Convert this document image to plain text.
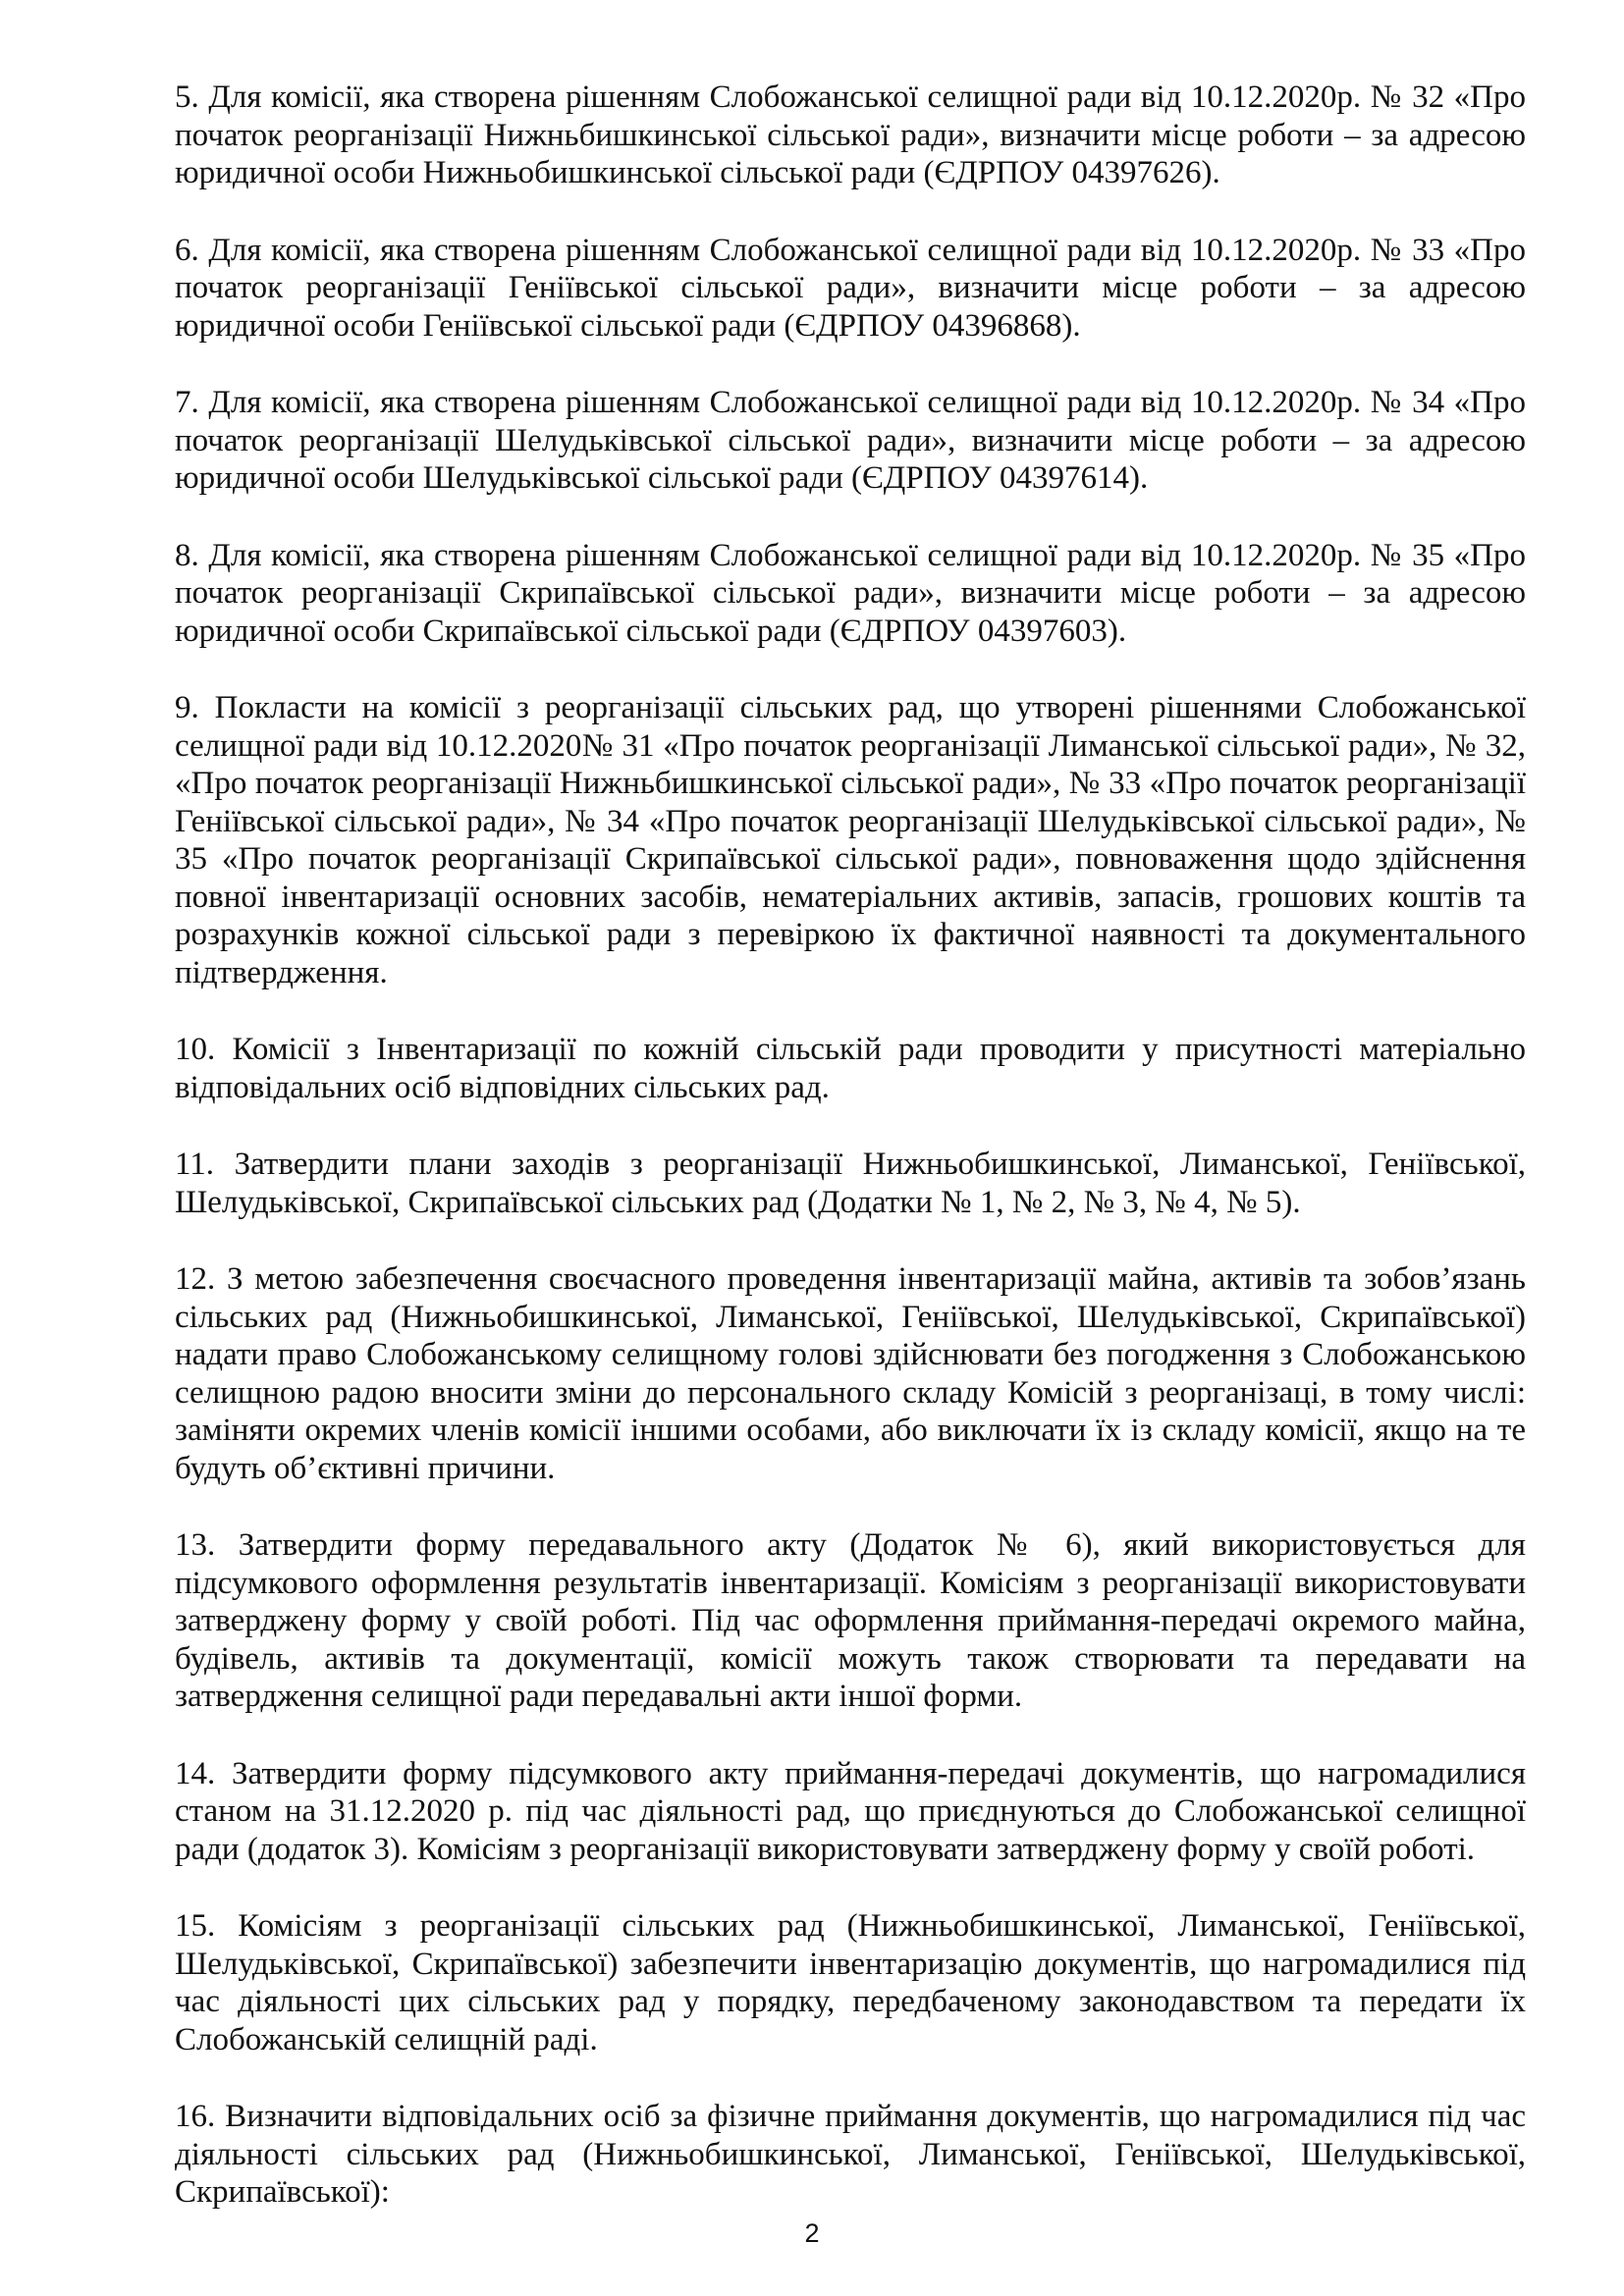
5. Для комісії, яка створена рішенням Слобожанської селищної ради від 10.12.2020р. № 32 «Про початок реорганізації Нижньбишкинської сільської ради», визначити місце роботи – за адресою юридичної особи Нижньобишкинської сільської ради (ЄДРПОУ 04397626).

6. Для комісії, яка створена рішенням Слобожанської селищної ради від 10.12.2020р. № 33 «Про початок реорганізації Геніївської сільської ради», визначити місце роботи – за адресою юридичної особи Геніївської сільської ради (ЄДРПОУ 04396868).

7. Для комісії, яка створена рішенням Слобожанської селищної ради від 10.12.2020р. № 34 «Про початок реорганізації Шелудьківської сільської ради», визначити місце роботи – за адресою юридичної особи Шелудьківської сільської ради (ЄДРПОУ 04397614).

8. Для комісії, яка створена рішенням Слобожанської селищної ради від 10.12.2020р. № 35 «Про початок реорганізації Скрипаївської сільської ради», визначити місце роботи – за адресою юридичної особи Скрипаївської сільської ради (ЄДРПОУ 04397603).

9. Покласти на комісії з реорганізації сільських рад, що утворені рішеннями Слобожанської селищної ради від 10.12.2020№ 31 «Про початок реорганізації Лиманської сільської ради», № 32, «Про початок реорганізації Нижньбишкинської сільської ради», № 33 «Про початок реорганізації Геніївської сільської ради», № 34 «Про початок реорганізації Шелудьківської сільської ради», № 35 «Про початок реорганізації Скрипаївської сільської ради», повноваження щодо здійснення повної інвентаризації основних засобів, нематеріальних активів, запасів, грошових коштів та розрахунків кожної сільської ради з перевіркою їх фактичної наявності та документального підтвердження.

10. Комісії з Інвентаризації по кожній сільській ради проводити у присутності матеріально відповідальних осіб відповідних сільських рад.

11. Затвердити плани заходів з реорганізації Нижньобишкинської, Лиманської, Геніївської, Шелудьківської, Скрипаївської сільських рад (Додатки № 1, № 2, № 3, № 4, № 5).

12. З метою забезпечення своєчасного проведення інвентаризації майна, активів та зобов’язань сільських рад (Нижньобишкинської, Лиманської, Геніївської, Шелудьківської, Скрипаївської) надати право Слобожанському селищному голові здійснювати без погодження з Слобожанською селищною радою вносити зміни до персонального складу Комісій з реорганізаці, в тому числі: заміняти окремих членів комісії іншими особами, або виключати їх із складу комісії, якщо на те будуть об’єктивні причини.

13. Затвердити форму передавального акту (Додаток № 6), який використовується для підсумкового оформлення результатів інвентаризації. Комісіям з реорганізації використовувати затверджену форму у своїй роботі. Під час оформлення приймання-передачі окремого майна, будівель, активів та документації, комісії можуть також створювати та передавати на затвердження селищної ради передавальні акти іншої форми.

14. Затвердити форму підсумкового акту приймання-передачі документів, що нагромадилися станом на 31.12.2020 р. під час діяльності рад, що приєднуються до Слобожанської селищної ради (додаток 3). Комісіям з реорганізації використовувати затверджену форму у своїй роботі.

15. Комісіям з реорганізації сільських рад (Нижньобишкинської, Лиманської, Геніївської, Шелудьківської, Скрипаївської) забезпечити інвентаризацію документів, що нагромадилися під час діяльності цих сільських рад у порядку, передбаченому законодавством та передати їх Слобожанській селищній раді.

16. Визначити відповідальних осіб за фізичне приймання документів, що нагромадилися під час діяльності сільських рад (Нижньобишкинської, Лиманської, Геніївської, Шелудьківської, Скрипаївської):

2
